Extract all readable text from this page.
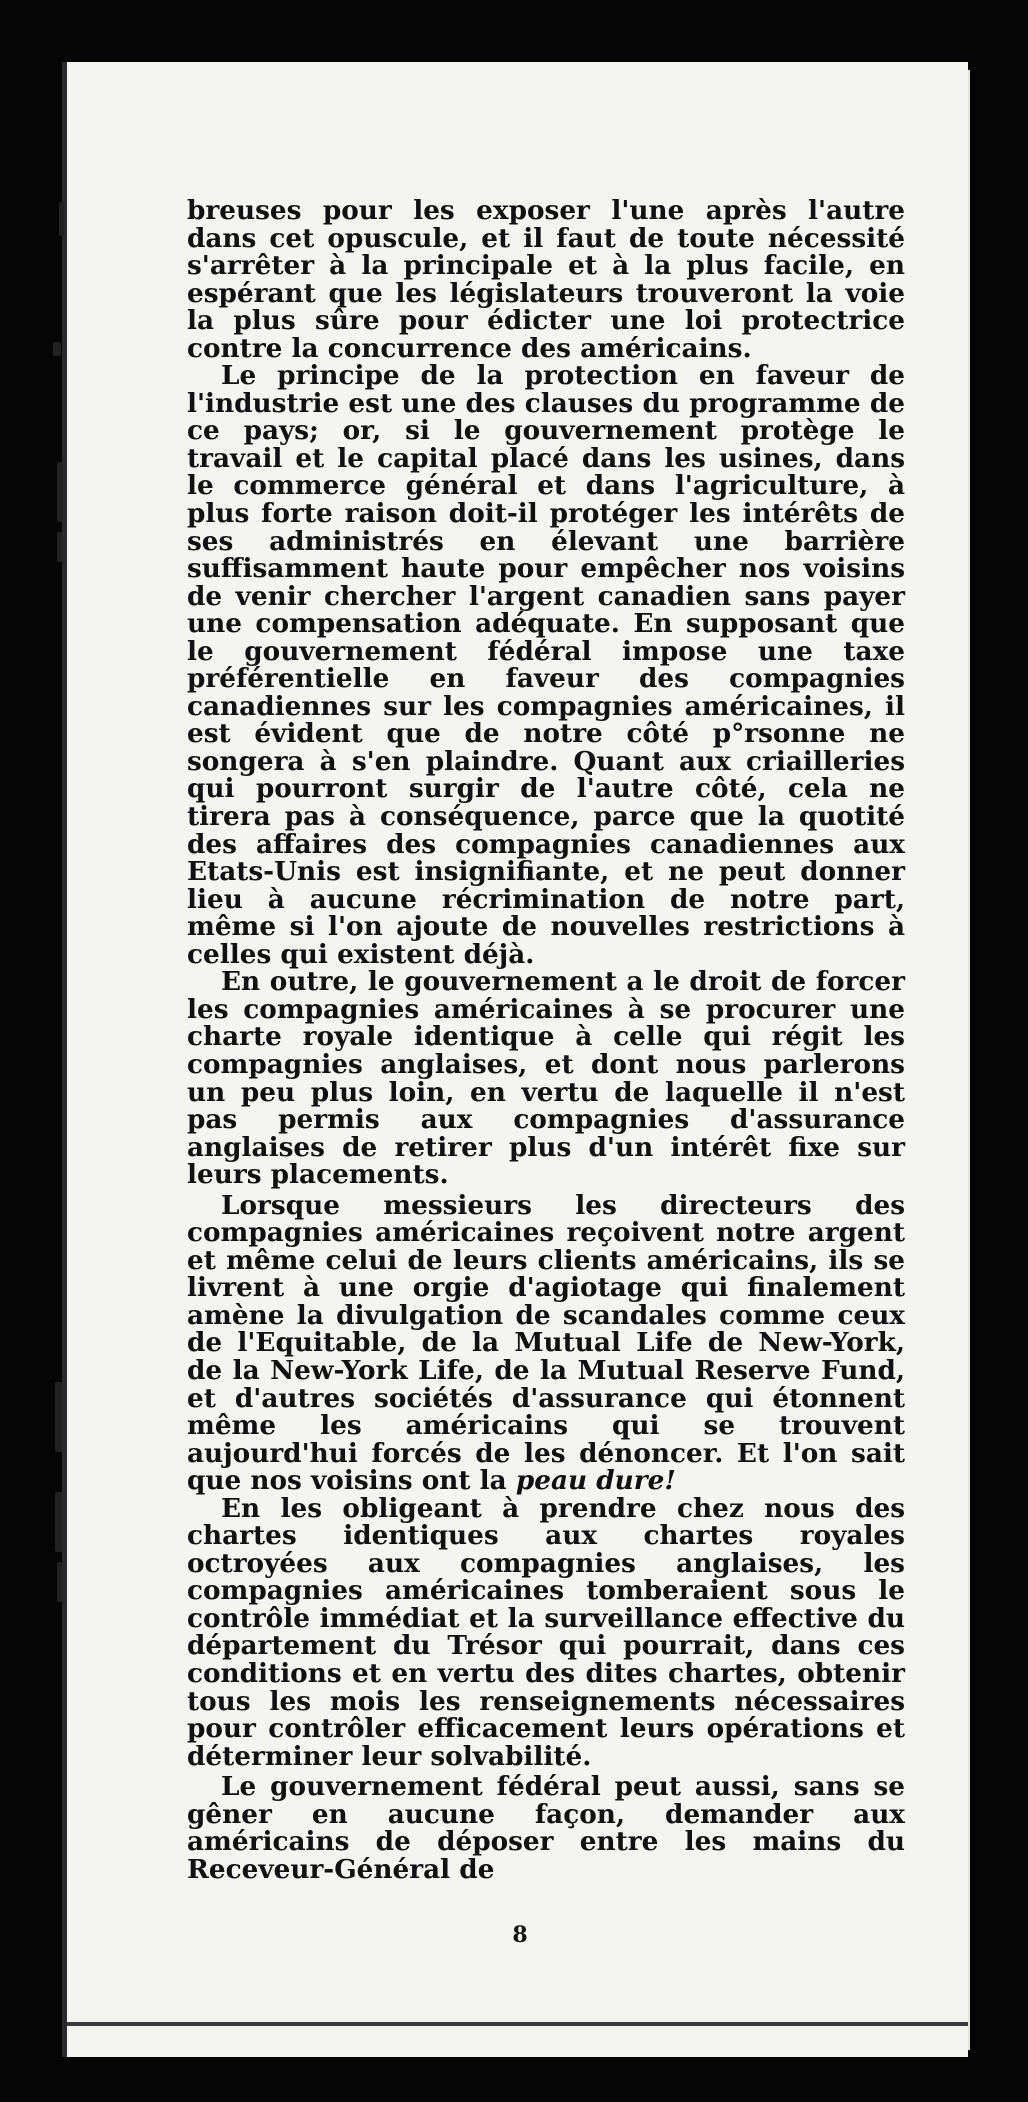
breuses pour les exposer l'une après l'autre dans cet opuscule, et il faut de toute nécessité s'arrêter à la principale et à la plus facile, en espérant que les législateurs trouveront la voie la plus sûre pour édicter une loi protectrice contre la concurrence des américains.

Le principe de la protection en faveur de l'industrie est une des clauses du programme de ce pays; or, si le gouvernement protège le travail et le capital placé dans les usines, dans le commerce général et dans l'agriculture, à plus forte raison doit-il protéger les intérêts de ses administrés en élevant une barrière suffisamment haute pour empêcher nos voisins de venir chercher l'argent canadien sans payer une compensation adéquate. En supposant que le gouvernement fédéral impose une taxe préférentielle en faveur des compagnies canadiennes sur les compagnies américaines, il est évident que de notre côté p°rsonne ne songera à s'en plaindre. Quant aux criailleries qui pourront surgir de l'autre côté, cela ne tirera pas à conséquence, parce que la quotité des affaires des compagnies canadiennes aux Etats-Unis est insignifiante, et ne peut donner lieu à aucune récrimination de notre part, même si l'on ajoute de nouvelles restrictions à celles qui existent déjà.

En outre, le gouvernement a le droit de forcer les compagnies américaines à se procurer une charte royale identique à celle qui régit les compagnies anglaises, et dont nous parlerons un peu plus loin, en vertu de laquelle il n'est pas permis aux compagnies d'assurance anglaises de retirer plus d'un intérêt fixe sur leurs placements.

Lorsque messieurs les directeurs des compagnies américaines reçoivent notre argent et même celui de leurs clients américains, ils se livrent à une orgie d'agiotage qui finalement amène la divulgation de scandales comme ceux de l'Equitable, de la Mutual Life de New-York, de la New-York Life, de la Mutual Reserve Fund, et d'autres sociétés d'assurance qui étonnent même les américains qui se trouvent aujourd'hui forcés de les dénoncer. Et l'on sait que nos voisins ont la peau dure!

En les obligeant à prendre chez nous des chartes identiques aux chartes royales octroyées aux compagnies anglaises, les compagnies américaines tomberaient sous le contrôle immédiat et la surveillance effective du département du Trésor qui pourrait, dans ces conditions et en vertu des dites chartes, obtenir tous les mois les renseignements nécessaires pour contrôler efficacement leurs opérations et déterminer leur solvabilité.

Le gouvernement fédéral peut aussi, sans se gêner en aucune façon, demander aux américains de déposer entre les mains du Receveur-Général de

8
